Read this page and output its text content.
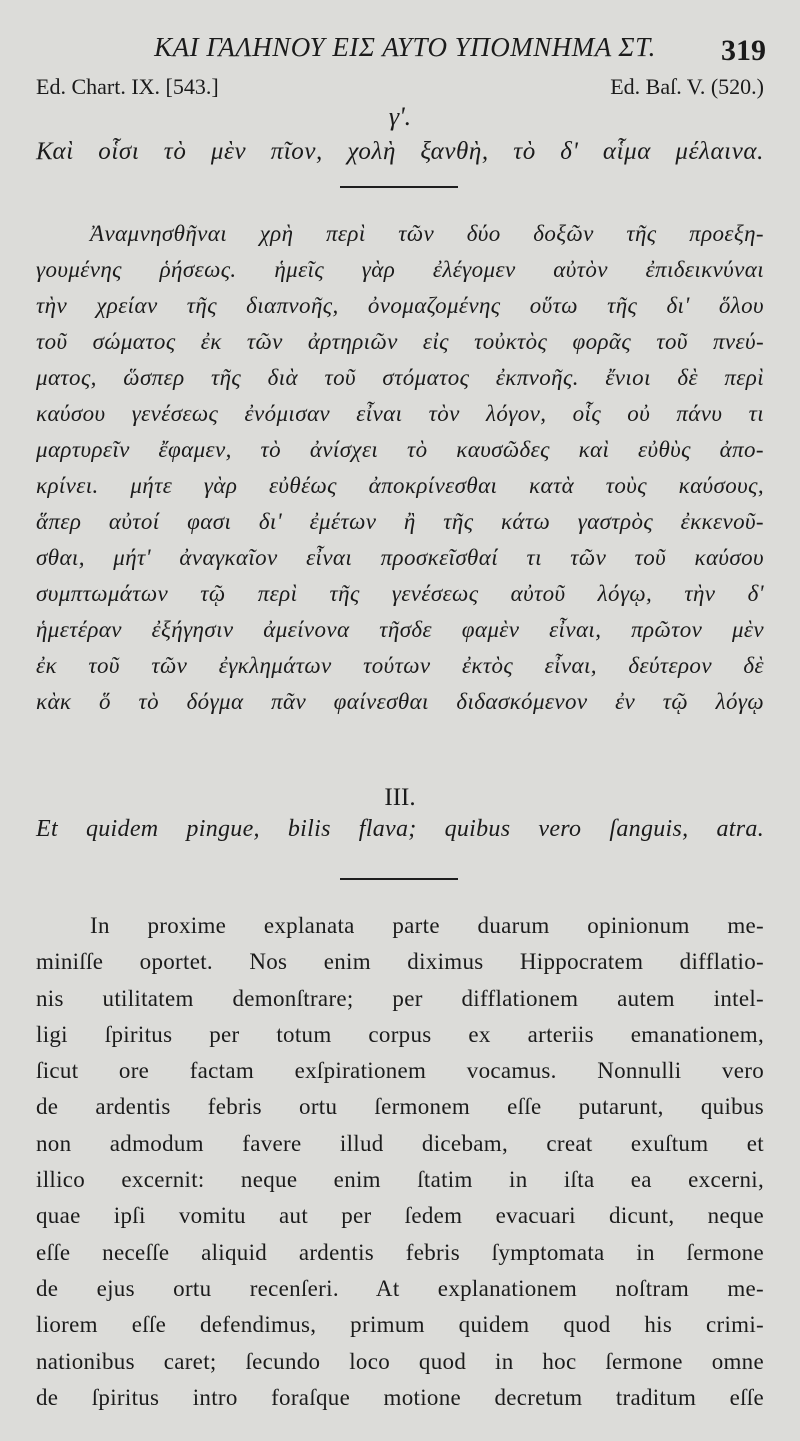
ΚΑΙ ΓΑΛΗΝΟΥ ΕΙΣ ΑΥΤΟ ΥΠΟΜΝΗΜΑ ΣΤ.	319
Ed. Chart. IX. [543.]	Ed. Baſ. V. (520.)
γ'.
Καὶ οἷσι τὸ μὲν πῖον, χολὴ ξανθὴ, τὸ δ' αἷμα μέλαινα.
Ἀναμνησθῆναι χρὴ περὶ τῶν δύο δοξῶν τῆς προεξη-
γουμένης ῥήσεως. ἡμεῖς γὰρ ἐλέγομεν αὐτὸν ἐπιδεικνύναι
τὴν χρείαν τῆς διαπνοῆς, ὀνομαζομένης οὕτω τῆς δι' ὅλου
τοῦ σώματος ἐκ τῶν ἀρτηριῶν εἰς τοὐκτὸς φορᾶς τοῦ πνεύ-
ματος, ὥσπερ τῆς διὰ τοῦ στόματος ἐκπνοῆς. ἔνιοι δὲ περὶ
καύσου γενέσεως ἐνόμισαν εἶναι τὸν λόγον, οἷς οὐ πάνυ τι
μαρτυρεῖν ἔφαμεν, τὸ ἀνίσχει τὸ καυσῶδες καὶ εὐθὺς ἀπο-
κρίνει. μήτε γὰρ εὐθέως ἀποκρίνεσθαι κατὰ τοὺς καύσους,
ἅπερ αὐτοί φασι δι' ἐμέτων ἢ τῆς κάτω γαστρὸς ἐκκενοῦ-
σθαι, μήτ' ἀναγκαῖον εἶναι προσκεῖσθαί τι τῶν τοῦ καύσου
συμπτωμάτων τῷ περὶ τῆς γενέσεως αὐτοῦ λόγῳ, τὴν δ'
ἡμετέραν ἐξήγησιν ἀμείνονα τῆσδε φαμὲν εἶναι, πρῶτον μὲν
ἐκ τοῦ τῶν ἐγκλημάτων τούτων ἐκτὸς εἶναι, δεύτερον δὲ
κὰκ ὅ τὸ δόγμα πᾶν φαίνεσθαι διδασκόμενον ἐν τῷ λόγῳ
III.
Et quidem pingue, bilis flava; quibus vero ſanguis, atra.
In proxime explanata parte duarum opinionum me-
miniſſe oportet. Nos enim diximus Hippocratem difflatio-
nis utilitatem demonſtrare; per difflationem autem intel-
ligi ſpiritus per totum corpus ex arteriis emanationem,
ſicut ore factam exſpirationem vocamus. Nonnulli vero
de ardentis febris ortu ſermonem eſſe putarunt, quibus
non admodum favere illud dicebam, creat exuſtum et
illico excernit: neque enim ſtatim in iſta ea excerni,
quae ipſi vomitu aut per ſedem evacuari dicunt, neque
eſſe neceſſe aliquid ardentis febris ſymptomata in ſermone
de ejus ortu recenſeri. At explanationem noſtram me-
liorem eſſe defendimus, primum quidem quod his crimi-
nationibus caret; ſecundo loco quod in hoc ſermone omne
de ſpiritus intro foraſque motione decretum traditum eſſe
